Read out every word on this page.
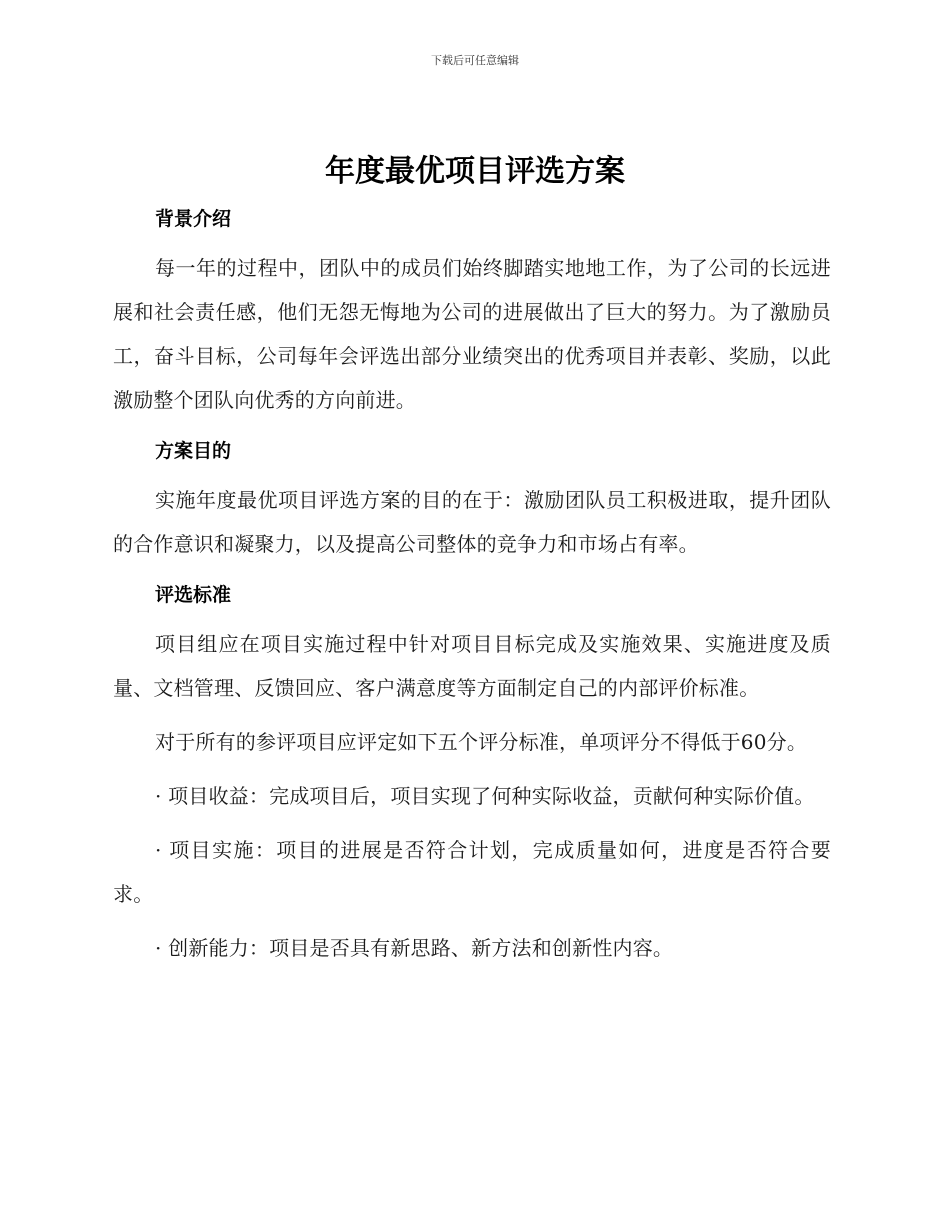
下载后可任意编辑
年度最优项目评选方案
背景介绍

每一年的过程中，团队中的成员们始终脚踏实地地工作，为了公司的长远进展和社会责任感，他们无怨无悔地为公司的进展做出了巨大的努力。为了激励员工，奋斗目标，公司每年会评选出部分业绩突出的优秀项目并表彰、奖励，以此激励整个团队向优秀的方向前进。

方案目的

实施年度最优项目评选方案的目的在于：激励团队员工积极进取，提升团队的合作意识和凝聚力，以及提高公司整体的竞争力和市场占有率。

评选标准

项目组应在项目实施过程中针对项目目标完成及实施效果、实施进度及质量、文档管理、反馈回应、客户满意度等方面制定自己的内部评价标准。

对于所有的参评项目应评定如下五个评分标准，单项评分不得低于60分。

· 项目收益：完成项目后，项目实现了何种实际收益，贡献何种实际价值。

· 项目实施：项目的进展是否符合计划，完成质量如何，进度是否符合要求。

· 创新能力：项目是否具有新思路、新方法和创新性内容。
